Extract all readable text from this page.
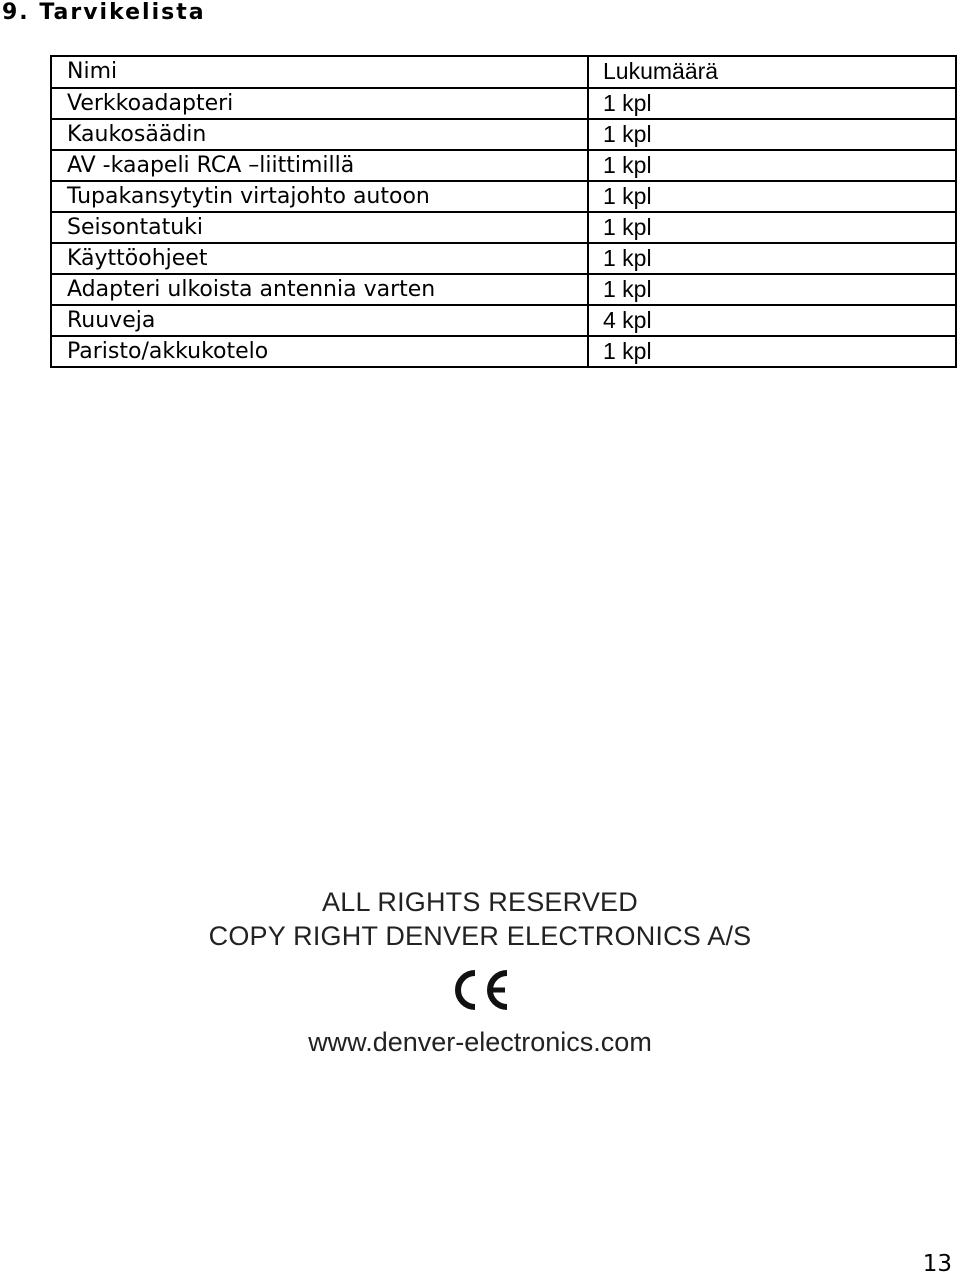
9. Tarvikelista
Nimi	Lukumäärä
Verkkoadapteri	1 kpl
Kaukosäädin	1 kpl
AV -kaapeli RCA –liittimillä	1 kpl
Tupakansytytin virtajohto autoon	1 kpl
Seisontatuki	1 kpl
Käyttöohjeet	1 kpl
Adapteri ulkoista antennia varten	1 kpl
Ruuveja	4 kpl
Paristo/akkukotelo	1 kpl
ALL RIGHTS RESERVED
COPY RIGHT DENVER ELECTRONICS A/S
www.denver-electronics.com
13
